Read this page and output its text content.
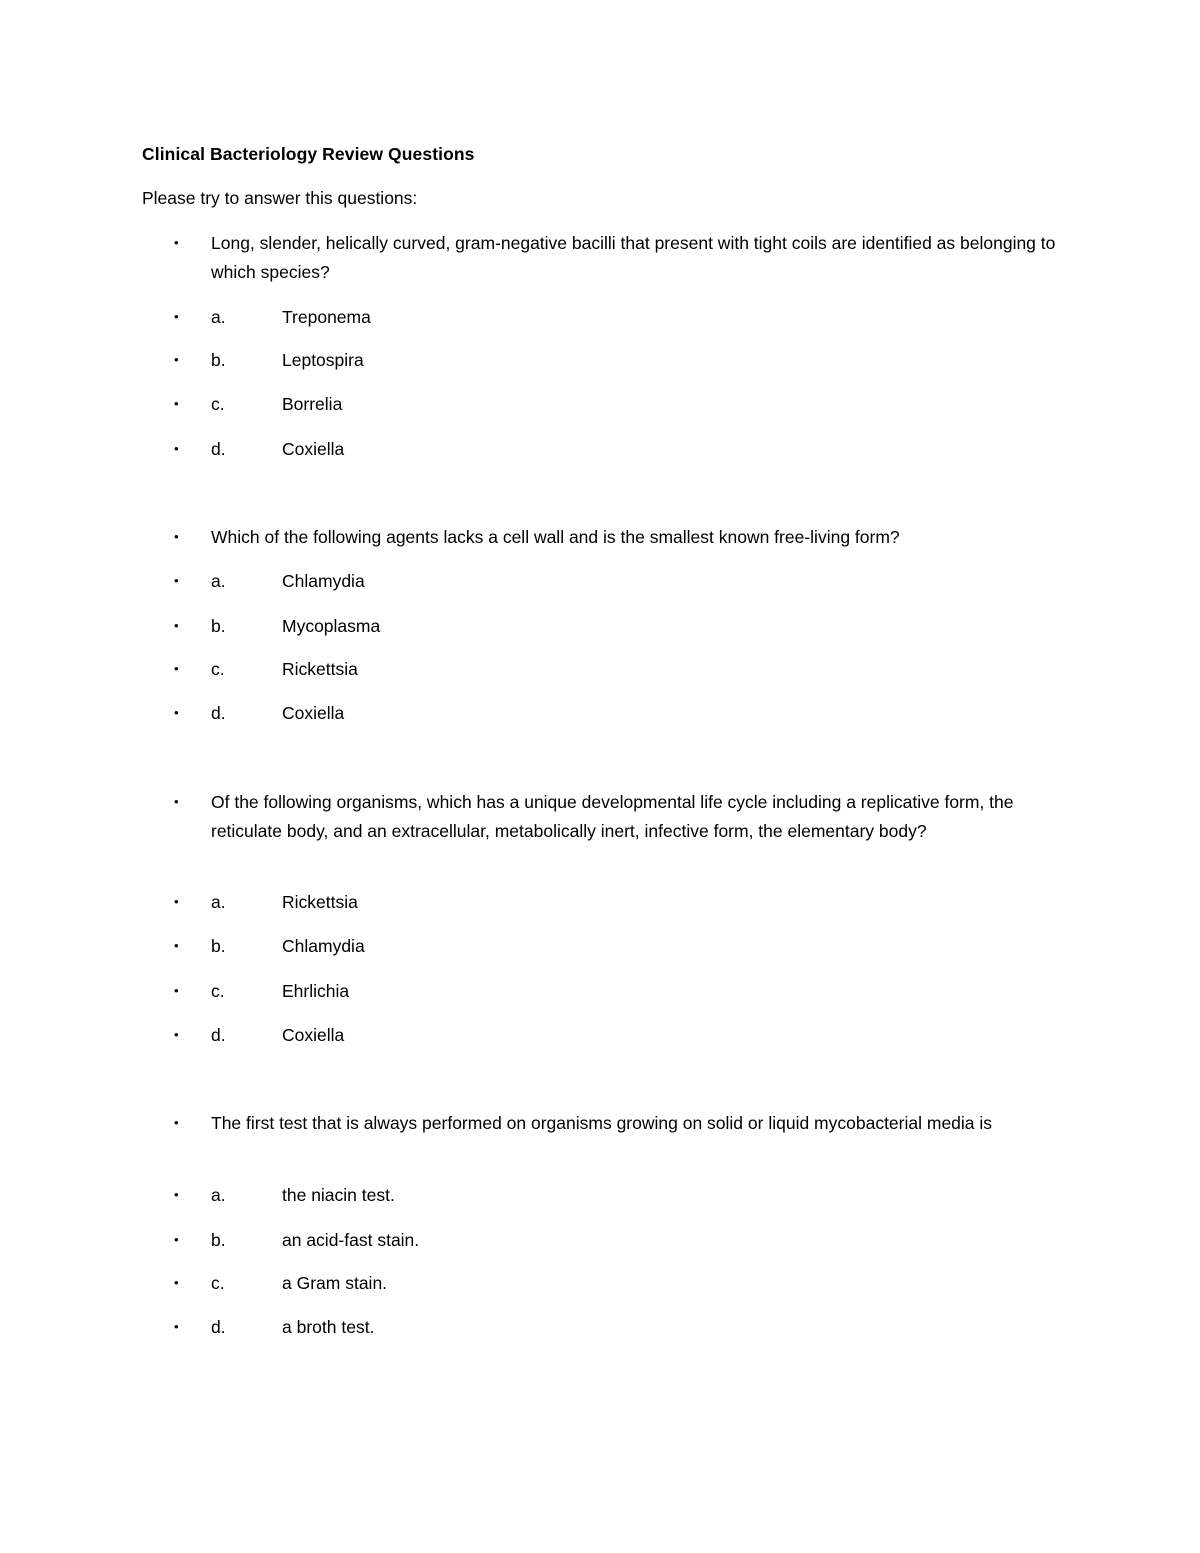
Clinical Bacteriology Review Questions
Please try to answer this questions:
•	Long, slender, helically curved, gram-negative bacilli that present with tight coils are identified as belonging to which species?
•	a.	Treponema
•	b.	Leptospira
•	c.	Borrelia
•	d.	Coxiella
•	Which of the following agents lacks a cell wall and is the smallest known free-living form?
•	a.	Chlamydia
•	b.	Mycoplasma
•	c.	Rickettsia
•	d.	Coxiella
•	Of the following organisms, which has a unique developmental life cycle including a replicative form, the reticulate body, and an extracellular, metabolically inert, infective form, the elementary body?
•	a.	Rickettsia
•	b.	Chlamydia
•	c.	Ehrlichia
•	d.	Coxiella
•	The first test that is always performed on organisms growing on solid or liquid mycobacterial media is
•	a.	the niacin test.
•	b.	an acid-fast stain.
•	c.	a Gram stain.
•	d.	a broth test.
